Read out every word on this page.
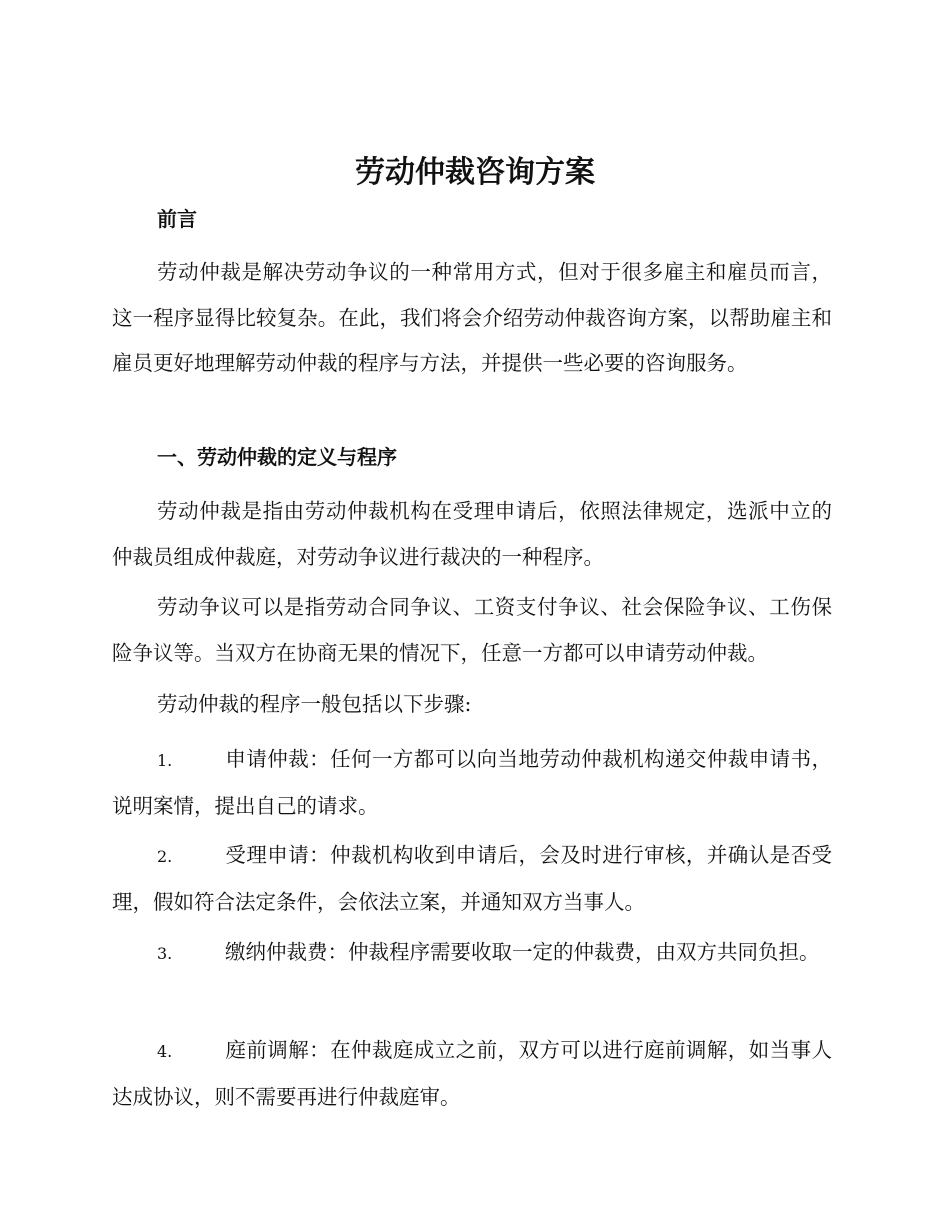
劳动仲裁咨询方案
前言

劳动仲裁是解决劳动争议的一种常用方式，但对于很多雇主和雇员而言，这一程序显得比较复杂。在此，我们将会介绍劳动仲裁咨询方案，以帮助雇主和雇员更好地理解劳动仲裁的程序与方法，并提供一些必要的咨询服务。

一、劳动仲裁的定义与程序

劳动仲裁是指由劳动仲裁机构在受理申请后，依照法律规定，选派中立的仲裁员组成仲裁庭，对劳动争议进行裁决的一种程序。

劳动争议可以是指劳动合同争议、工资支付争议、社会保险争议、工伤保险争议等。当双方在协商无果的情况下，任意一方都可以申请劳动仲裁。

劳动仲裁的程序一般包括以下步骤:

1.	申请仲裁：任何一方都可以向当地劳动仲裁机构递交仲裁申请书，说明案情，提出自己的请求。

2.	受理申请：仲裁机构收到申请后，会及时进行审核，并确认是否受理，假如符合法定条件，会依法立案，并通知双方当事人。

3.	缴纳仲裁费：仲裁程序需要收取一定的仲裁费，由双方共同负担。

4.	庭前调解：在仲裁庭成立之前，双方可以进行庭前调解，如当事人达成协议，则不需要再进行仲裁庭审。
